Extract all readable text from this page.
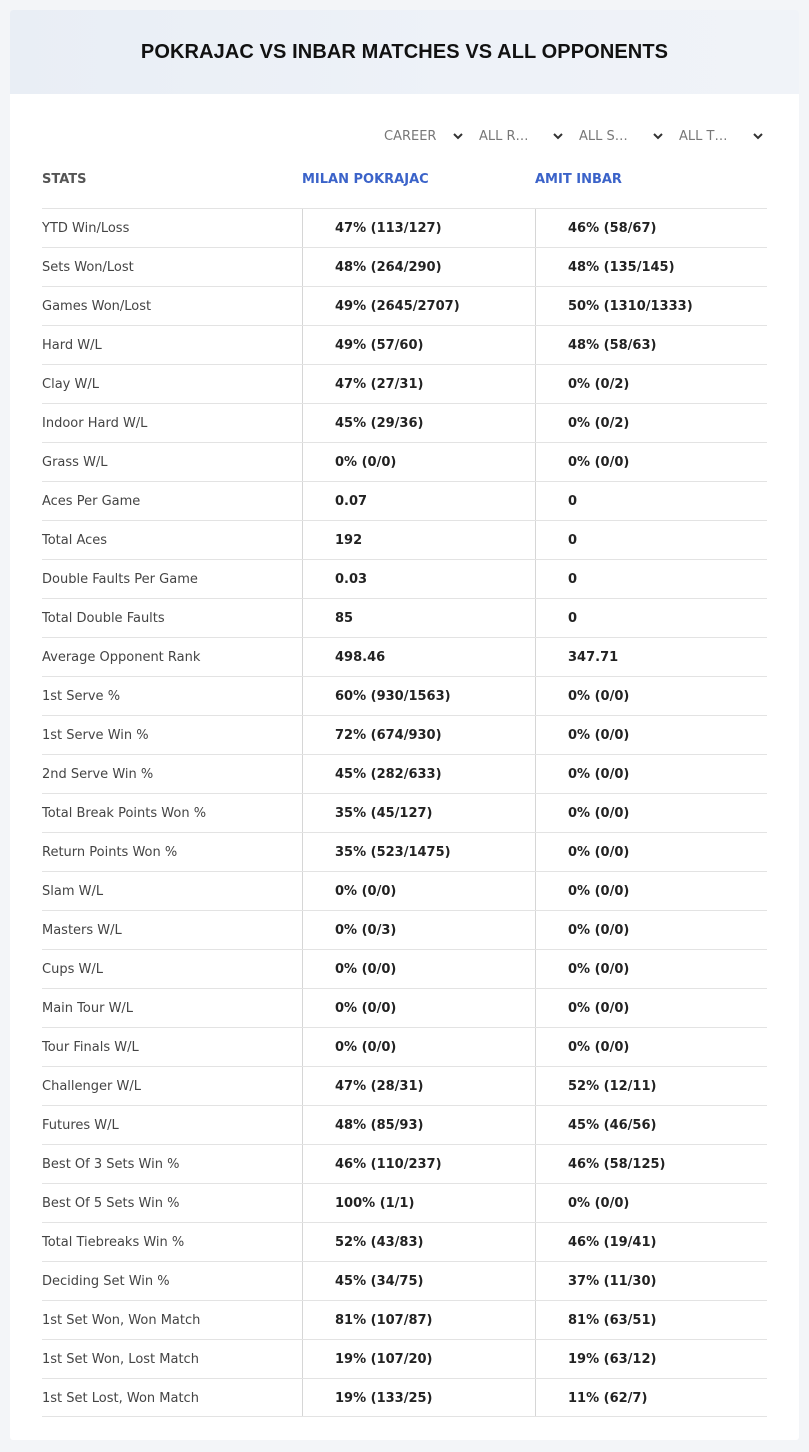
POKRAJAC VS INBAR MATCHES VS ALL OPPONENTS
CAREER	ALL R…	ALL S…	ALL T…
STATS	MILAN POKRAJAC	AMIT INBAR
YTD Win/Loss	47% (113/127)	46% (58/67)
Sets Won/Lost	48% (264/290)	48% (135/145)
Games Won/Lost	49% (2645/2707)	50% (1310/1333)
Hard W/L	49% (57/60)	48% (58/63)
Clay W/L	47% (27/31)	0% (0/2)
Indoor Hard W/L	45% (29/36)	0% (0/2)
Grass W/L	0% (0/0)	0% (0/0)
Aces Per Game	0.07	0
Total Aces	192	0
Double Faults Per Game	0.03	0
Total Double Faults	85	0
Average Opponent Rank	498.46	347.71
1st Serve %	60% (930/1563)	0% (0/0)
1st Serve Win %	72% (674/930)	0% (0/0)
2nd Serve Win %	45% (282/633)	0% (0/0)
Total Break Points Won %	35% (45/127)	0% (0/0)
Return Points Won %	35% (523/1475)	0% (0/0)
Slam W/L	0% (0/0)	0% (0/0)
Masters W/L	0% (0/3)	0% (0/0)
Cups W/L	0% (0/0)	0% (0/0)
Main Tour W/L	0% (0/0)	0% (0/0)
Tour Finals W/L	0% (0/0)	0% (0/0)
Challenger W/L	47% (28/31)	52% (12/11)
Futures W/L	48% (85/93)	45% (46/56)
Best Of 3 Sets Win %	46% (110/237)	46% (58/125)
Best Of 5 Sets Win %	100% (1/1)	0% (0/0)
Total Tiebreaks Win %	52% (43/83)	46% (19/41)
Deciding Set Win %	45% (34/75)	37% (11/30)
1st Set Won, Won Match	81% (107/87)	81% (63/51)
1st Set Won, Lost Match	19% (107/20)	19% (63/12)
1st Set Lost, Won Match	19% (133/25)	11% (62/7)
